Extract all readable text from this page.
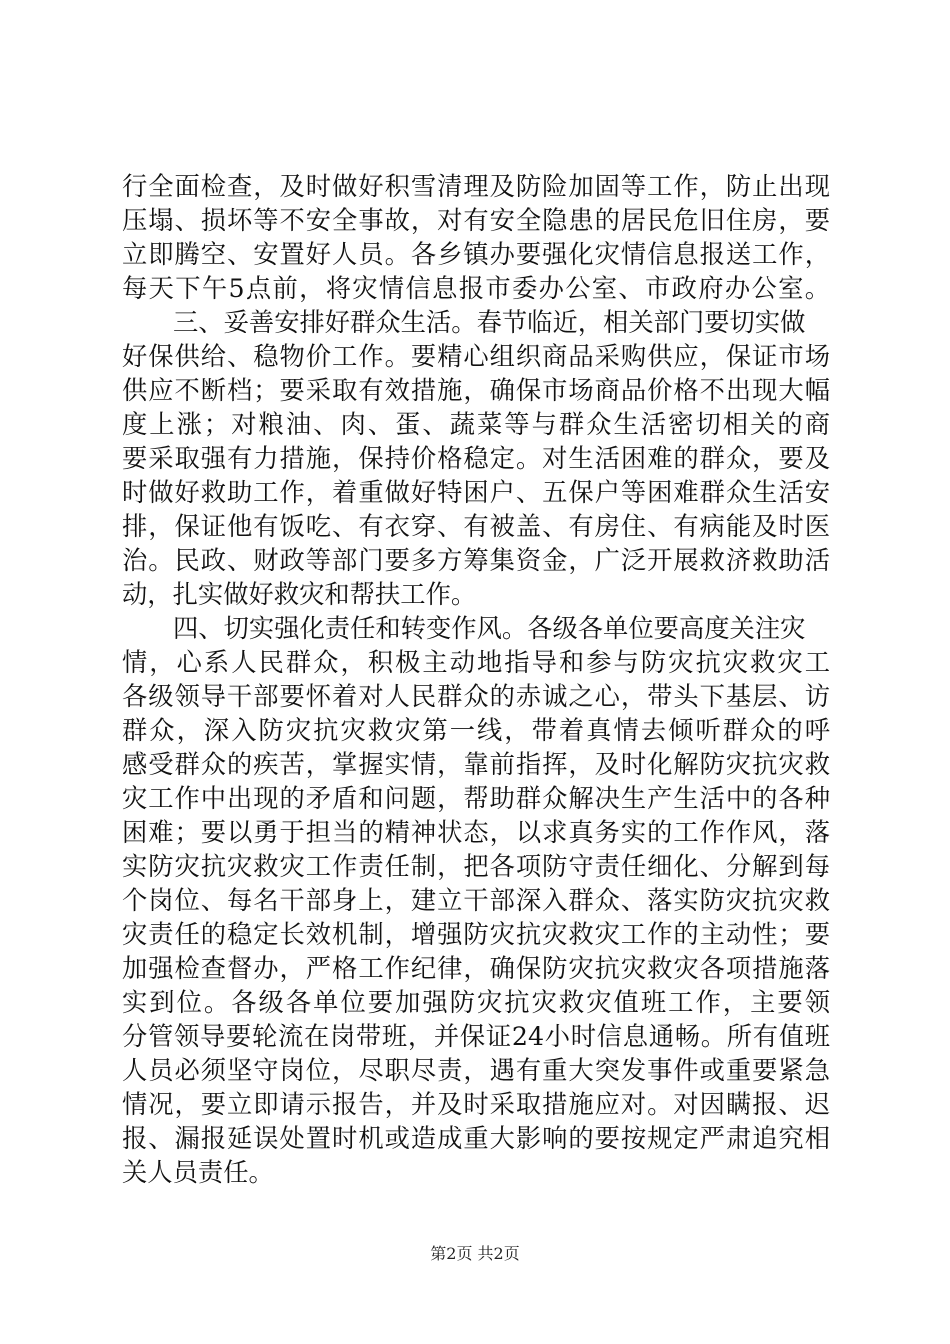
行全面检查，及时做好积雪清理及防险加固等工作，防止出现

压塌、损坏等不安全事故，对有安全隐患的居民危旧住房，要

立即腾空、安置好人员。各乡镇办要强化灾情信息报送工作，

每天下午5点前，将灾情信息报市委办公室、市政府办公室。

三、妥善安排好群众生活。春节临近，相关部门要切实做

好保供给、稳物价工作。要精心组织商品采购供应，保证市场

供应不断档；要采取有效措施，确保市场商品价格不出现大幅

度上涨；对粮油、肉、蛋、蔬菜等与群众生活密切相关的商

要采取强有力措施，保持价格稳定。对生活困难的群众，要及

时做好救助工作，着重做好特困户、五保户等困难群众生活安

排，保证他有饭吃、有衣穿、有被盖、有房住、有病能及时医

治。民政、财政等部门要多方筹集资金，广泛开展救济救助活

动，扎实做好救灾和帮扶工作。

四、切实强化责任和转变作风。各级各单位要高度关注灾

情，心系人民群众，积极主动地指导和参与防灾抗灾救灾工

各级领导干部要怀着对人民群众的赤诚之心，带头下基层、访

群众，深入防灾抗灾救灾第一线，带着真情去倾听群众的呼

感受群众的疾苦，掌握实情，靠前指挥，及时化解防灾抗灾救

灾工作中出现的矛盾和问题，帮助群众解决生产生活中的各种

困难；要以勇于担当的精神状态，以求真务实的工作作风，落

实防灾抗灾救灾工作责任制，把各项防守责任细化、分解到每

个岗位、每名干部身上，建立干部深入群众、落实防灾抗灾救

灾责任的稳定长效机制，增强防灾抗灾救灾工作的主动性；要

加强检查督办，严格工作纪律，确保防灾抗灾救灾各项措施落

实到位。各级各单位要加强防灾抗灾救灾值班工作，主要领

分管领导要轮流在岗带班，并保证24小时信息通畅。所有值班

人员必须坚守岗位，尽职尽责，遇有重大突发事件或重要紧急

情况，要立即请示报告，并及时采取措施应对。对因瞒报、迟

报、漏报延误处置时机或造成重大影响的要按规定严肃追究相

关人员责任。

第2页 共2页
